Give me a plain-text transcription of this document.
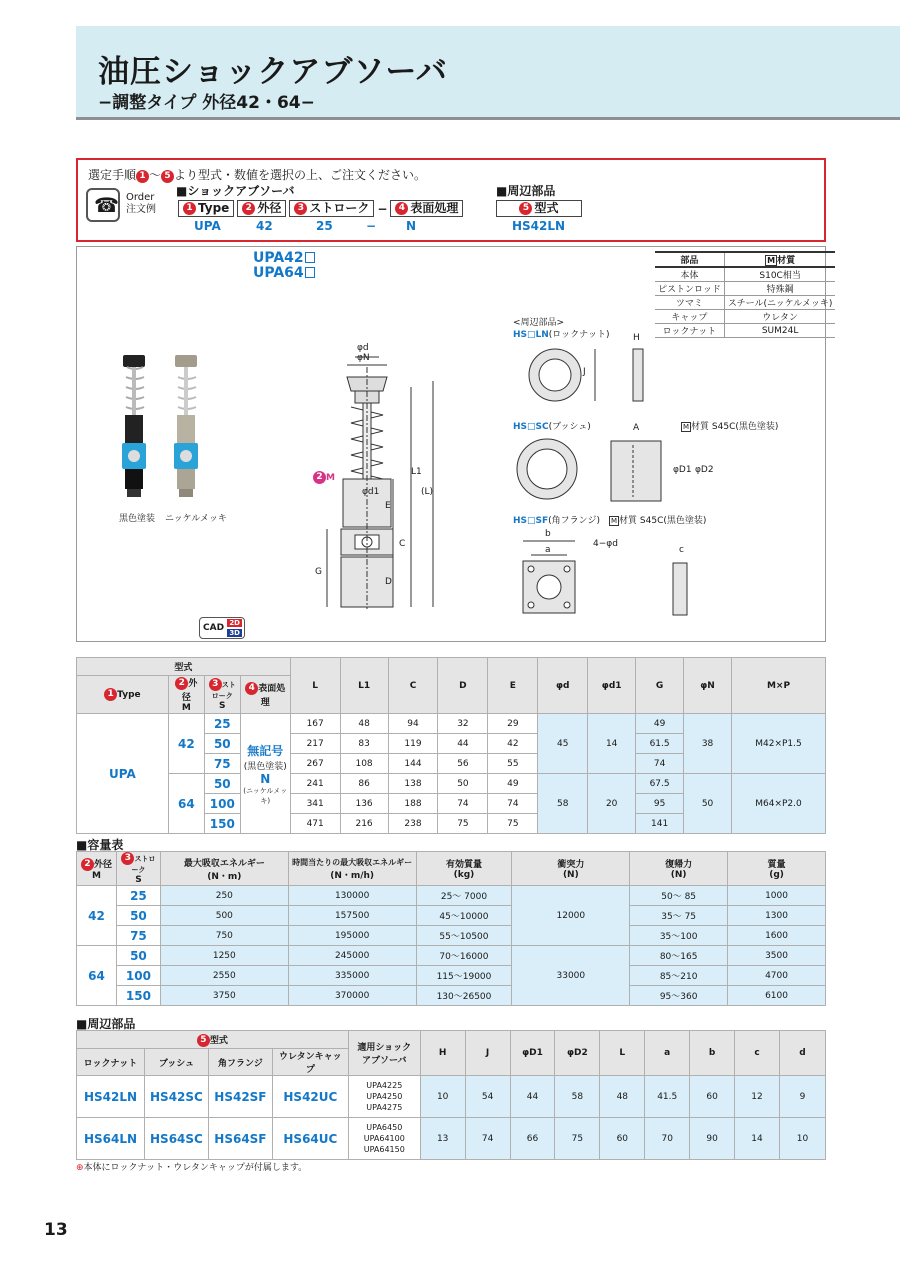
油圧ショックアブソーバ
−調整タイプ 外径42・64−
選定手順 1 〜 5 より型式・数値を選択の上、ご注文ください。
☎ Order
注文例
■ショックアブソーバ	■周辺部品
1 Type	2 外径	3 ストローク −	4 表面処理	5 型式
UPA	42	25	− N	HS42LN
黒色塗装 ニッケルメッキ
CAD 2D
3D
UPA42
UPA64
部品	M 材質
本体	S10C相当
ピストンロッド	特殊鋼
ツマミ	スチール(ニッケルメッキ)
キャップ	ウレタン
ロックナット	SUM24L
φd
φN
φd1
2 M
L1
(L)
E
C
D
G
<周辺部品>
HS□LN(ロックナット)
J
H
HS□SC(ブッシュ)	M 材質 S45C(黒色塗装)
A
φD1 φD2
HS□SF(角フランジ) M 材質 S45C(黒色塗装)
b
a
4−φd
c
型式				L	L1	C	D	E	φd	φd1	G	φN	M×P
1 Type	2 外径
M	3 ストローク
S	4 表面処理										
UPA	42	25	無記号
(黒色塗装)
N
(ニッケルメッキ)	167	48	94	32	29	45	14	49	38	M42×P1.5
		50		217	83	119	44	42			61.5		
		75		267	108	144	56	55			74		
	64	50		241	86	138	50	49	58	20	67.5	50	M64×P2.0
		100		341	136	188	74	74			95		
		150		471	216	238	75	75			141		
■容量表
2 外径
M	3 ストローク
S	最大吸収エネルギー
(N・m)	時間当たりの最大吸収エネルギー
(N・m/h)	有効質量
(kg)	衝突力
(N)	復帰力
(N)	質量
(g)
42	25	250	130000	25〜 7000	12000	50〜 85	1000
	50	500	157500	45〜10000		35〜 75	1300
	75	750	195000	55〜10500		35〜100	1600
64	50	1250	245000	70〜16000	33000	80〜165	3500
	100	2550	335000	115〜19000		85〜210	4700
	150	3750	370000	130〜26500		95〜360	6100
■周辺部品
5 型式				適用ショック
アブソーバ	H	J	φD1	φD2	L	a	b	c	d
ロックナット	ブッシュ	角フランジ	ウレタンキャップ										
HS42LN	HS42SC	HS42SF	HS42UC	UPA4225
UPA4250
UPA4275	10	54	44	58	48	41.5	60	12	9
HS64LN	HS64SC	HS64SF	HS64UC	UPA6450
UPA64100
UPA64150	13	74	66	75	60	70	90	14	10
⊕本体にロックナット・ウレタンキャップが付属します。
13
